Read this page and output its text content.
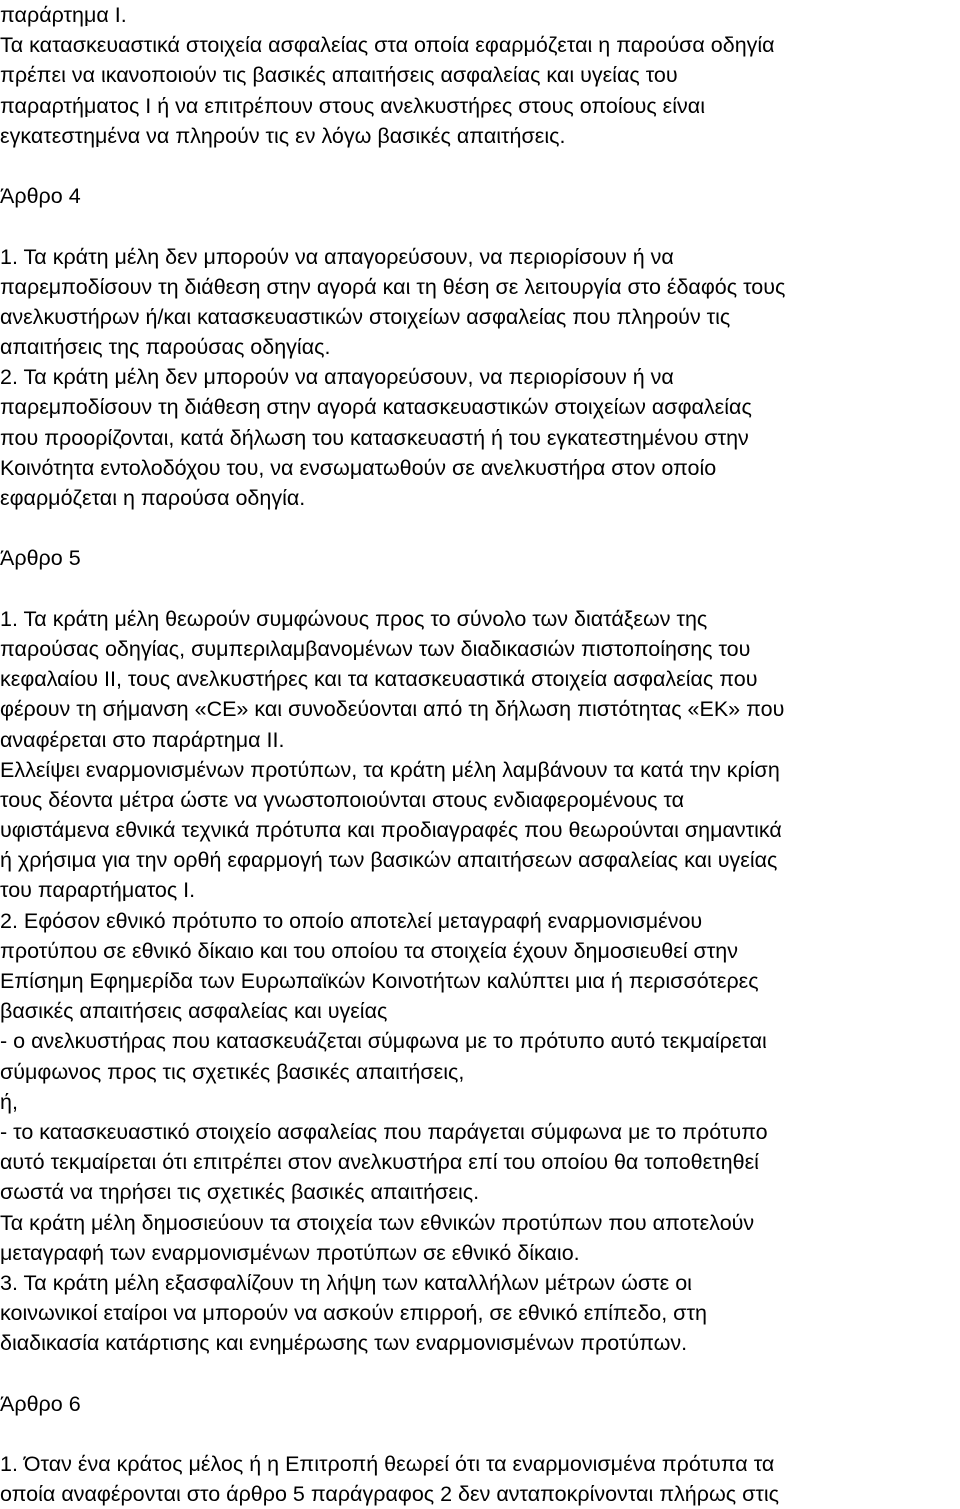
παράρτημα Ι.
Τα κατασκευαστικά στοιχεία ασφαλείας στα οποία εφαρμόζεται η παρούσα οδηγία
πρέπει να ικανοποιούν τις βασικές απαιτήσεις ασφαλείας και υγείας του
παραρτήματος Ι ή να επιτρέπουν στους ανελκυστήρες στους οποίους είναι
εγκατεστημένα να πληρούν τις εν λόγω βασικές απαιτήσεις.
Άρθρο 4
1. Τα κράτη μέλη δεν μπορούν να απαγορεύσουν, να περιορίσουν ή να
παρεμποδίσουν τη διάθεση στην αγορά και τη θέση σε λειτουργία στο έδαφός τους
ανελκυστήρων ή/και κατασκευαστικών στοιχείων ασφαλείας που πληρούν τις
απαιτήσεις της παρούσας οδηγίας.
2. Τα κράτη μέλη δεν μπορούν να απαγορεύσουν, να περιορίσουν ή να
παρεμποδίσουν τη διάθεση στην αγορά κατασκευαστικών στοιχείων ασφαλείας
που προορίζονται, κατά δήλωση του κατασκευαστή ή του εγκατεστημένου στην
Κοινότητα εντολοδόχου του, να ενσωματωθούν σε ανελκυστήρα στον οποίο
εφαρμόζεται η παρούσα οδηγία.
Άρθρο 5
1. Τα κράτη μέλη θεωρούν συμφώνους προς το σύνολο των διατάξεων της
παρούσας οδηγίας, συμπεριλαμβανομένων των διαδικασιών πιστοποίησης του
κεφαλαίου ΙΙ, τους ανελκυστήρες και τα κατασκευαστικά στοιχεία ασφαλείας που
φέρουν τη σήμανση «CE» και συνοδεύονται από τη δήλωση πιστότητας «ΕΚ» που
αναφέρεται στο παράρτημα ΙΙ.
Ελλείψει εναρμονισμένων προτύπων, τα κράτη μέλη λαμβάνουν τα κατά την κρίση
τους δέοντα μέτρα ώστε να γνωστοποιούνται στους ενδιαφερομένους τα
υφιστάμενα εθνικά τεχνικά πρότυπα και προδιαγραφές που θεωρούνται σημαντικά
ή χρήσιμα για την ορθή εφαρμογή των βασικών απαιτήσεων ασφαλείας και υγείας
του παραρτήματος Ι.
2. Εφόσον εθνικό πρότυπο το οποίο αποτελεί μεταγραφή εναρμονισμένου
προτύπου σε εθνικό δίκαιο και του οποίου τα στοιχεία έχουν δημοσιευθεί στην
Επίσημη Εφημερίδα των Ευρωπαϊκών Κοινοτήτων καλύπτει μια ή περισσότερες
βασικές απαιτήσεις ασφαλείας και υγείας
- ο ανελκυστήρας που κατασκευάζεται σύμφωνα με το πρότυπο αυτό τεκμαίρεται
σύμφωνος προς τις σχετικές βασικές απαιτήσεις,
ή,
- το κατασκευαστικό στοιχείο ασφαλείας που παράγεται σύμφωνα με το πρότυπο
αυτό τεκμαίρεται ότι επιτρέπει στον ανελκυστήρα επί του οποίου θα τοποθετηθεί
σωστά να τηρήσει τις σχετικές βασικές απαιτήσεις.
Τα κράτη μέλη δημοσιεύουν τα στοιχεία των εθνικών προτύπων που αποτελούν
μεταγραφή των εναρμονισμένων προτύπων σε εθνικό δίκαιο.
3. Τα κράτη μέλη εξασφαλίζουν τη λήψη των καταλλήλων μέτρων ώστε οι
κοινωνικοί εταίροι να μπορούν να ασκούν επιρροή, σε εθνικό επίπεδο, στη
διαδικασία κατάρτισης και ενημέρωσης των εναρμονισμένων προτύπων.
Άρθρο 6
1. Όταν ένα κράτος μέλος ή η Επιτροπή θεωρεί ότι τα εναρμονισμένα πρότυπα τα
οποία αναφέρονται στο άρθρο 5 παράγραφος 2 δεν ανταποκρίνονται πλήρως στις
